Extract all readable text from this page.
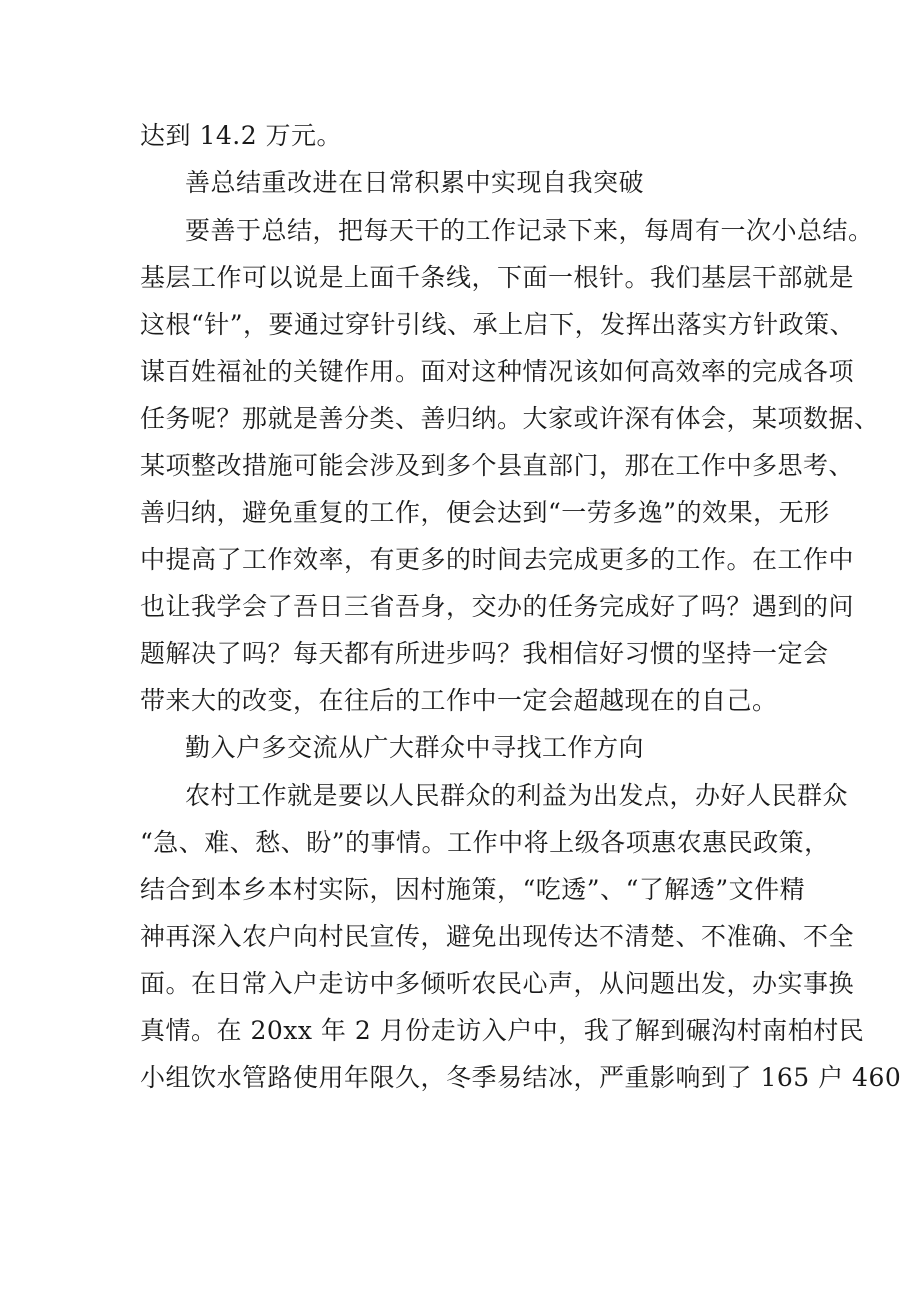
达到 14.2 万元。
善总结重改进在日常积累中实现自我突破
要善于总结，把每天干的工作记录下来，每周有一次小总结。
基层工作可以说是上面千条线，下面一根针。我们基层干部就是
这根“针”，要通过穿针引线、承上启下，发挥出落实方针政策、
谋百姓福祉的关键作用。面对这种情况该如何高效率的完成各项
任务呢？那就是善分类、善归纳。大家或许深有体会，某项数据、
某项整改措施可能会涉及到多个县直部门，那在工作中多思考、
善归纳，避免重复的工作，便会达到“一劳多逸”的效果，无形
中提高了工作效率，有更多的时间去完成更多的工作。在工作中
也让我学会了吾日三省吾身，交办的任务完成好了吗？遇到的问
题解决了吗？每天都有所进步吗？我相信好习惯的坚持一定会
带来大的改变，在往后的工作中一定会超越现在的自己。
勤入户多交流从广大群众中寻找工作方向
农村工作就是要以人民群众的利益为出发点，办好人民群众
“急、难、愁、盼”的事情。工作中将上级各项惠农惠民政策，
结合到本乡本村实际，因村施策，“吃透”、“了解透”文件精
神再深入农户向村民宣传，避免出现传达不清楚、不准确、不全
面。在日常入户走访中多倾听农民心声，从问题出发，办实事换
真情。在 20xx 年 2 月份走访入户中，我了解到碾沟村南柏村民
小组饮水管路使用年限久，冬季易结冰，严重影响到了 165 户 460
